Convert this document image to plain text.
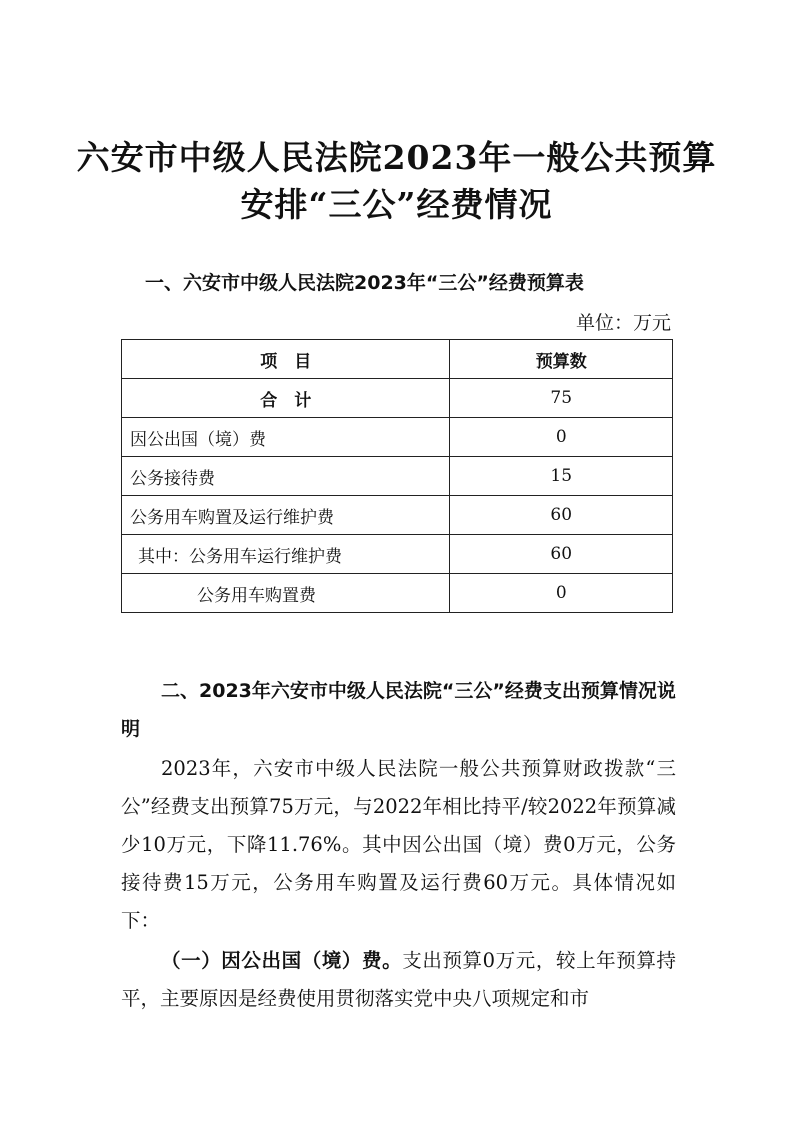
六安市中级人民法院2023年一般公共预算
安排“三公”经费情况
一、六安市中级人民法院2023年“三公”经费预算表
单位：万元
项　目	预算数
合　计	75
因公出国（境）费	0
公务接待费	15
公务用车购置及运行维护费	60
其中：公务用车运行维护费	60
公务用车购置费	0
二、2023年六安市中级人民法院“三公”经费支出预算情况说明

2023年，六安市中级人民法院一般公共预算财政拨款“三公”经费支出预算75万元，与2022年相比持平/较2022年预算减少10万元，下降11.76%。其中因公出国（境）费0万元，公务接待费15万元，公务用车购置及运行费60万元。具体情况如下：

（一）因公出国（境）费。支出预算0万元，较上年预算持平，主要原因是经费使用贯彻落实党中央八项规定和市
